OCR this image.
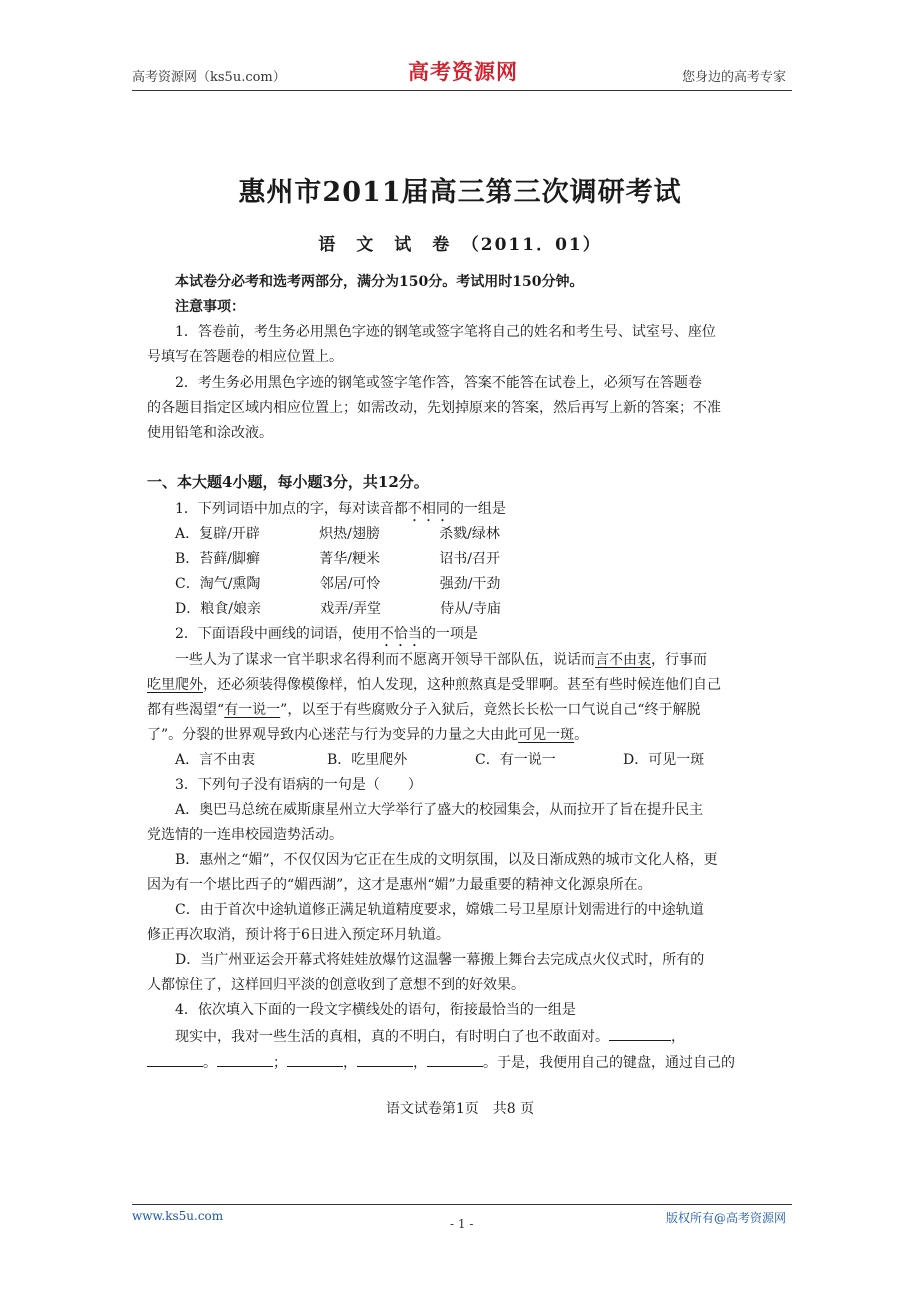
高考资源网（ks5u.com）	高考资源网	您身边的高考专家
惠州市2011届高三第三次调研考试
语　文　试　卷　（2011．01）
本试卷分必考和选考两部分，满分为150分。考试用时150分钟。
注意事项：
1．答卷前，考生务必用黑色字迹的钢笔或签字笔将自己的姓名和考生号、试室号、座位
号填写在答题卷的相应位置上。
2．考生务必用黑色字迹的钢笔或签字笔作答，答案不能答在试卷上，必须写在答题卷
的各题目指定区域内相应位置上；如需改动，先划掉原来的答案，然后再写上新的答案；不准
使用铅笔和涂改液。
一、本大题4小题，每小题3分，共12分。
1．下列词语中加点的字，每对读音都不相同的一组是
A．复辟/开辟	炽热/翅膀	杀戮/绿林
B．苔藓/脚癣	菁华/粳米	诏书/召开
C．淘气/熏陶	邻居/可怜	强劲/干劲
D．粮食/娘亲	戏弄/弄堂	侍从/寺庙
2．下面语段中画线的词语，使用不恰当的一项是
一些人为了谋求一官半职求名得利而不愿离开领导干部队伍，说话而言不由衷，行事而
吃里爬外，还必须装得像模像样，怕人发现，这种煎熬真是受罪啊。甚至有些时候连他们自己
都有些渴望“有一说一”，以至于有些腐败分子入狱后，竟然长长松一口气说自己“终于解脱
了”。分裂的世界观导致内心迷茫与行为变异的力量之大由此可见一斑。
A．言不由衷	B．吃里爬外	C．有一说一	D．可见一斑
3．下列句子没有语病的一句是（　　）
A．奥巴马总统在威斯康星州立大学举行了盛大的校园集会，从而拉开了旨在提升民主
党选情的一连串校园造势活动。
B．惠州之“媚”，不仅仅因为它正在生成的文明氛围，以及日渐成熟的城市文化人格，更
因为有一个堪比西子的“媚西湖”，这才是惠州“媚”力最重要的精神文化源泉所在。
C．由于首次中途轨道修正满足轨道精度要求，嫦娥二号卫星原计划需进行的中途轨道
修正再次取消，预计将于6日进入预定环月轨道。
D．当广州亚运会开幕式将娃娃放爆竹这温馨一幕搬上舞台去完成点火仪式时，所有的
人都惊住了，这样回归平淡的创意收到了意想不到的好效果。
4．依次填入下面的一段文字横线处的语句，衔接最恰当的一组是
现实中，我对一些生活的真相，真的不明白，有时明白了也不敢面对。	，
。	；	，	，	。于是，我便用自己的键盘，通过自己的
语文试卷第1页　共8 页
www.ks5u.com
- 1 -	版权所有@高考资源网
